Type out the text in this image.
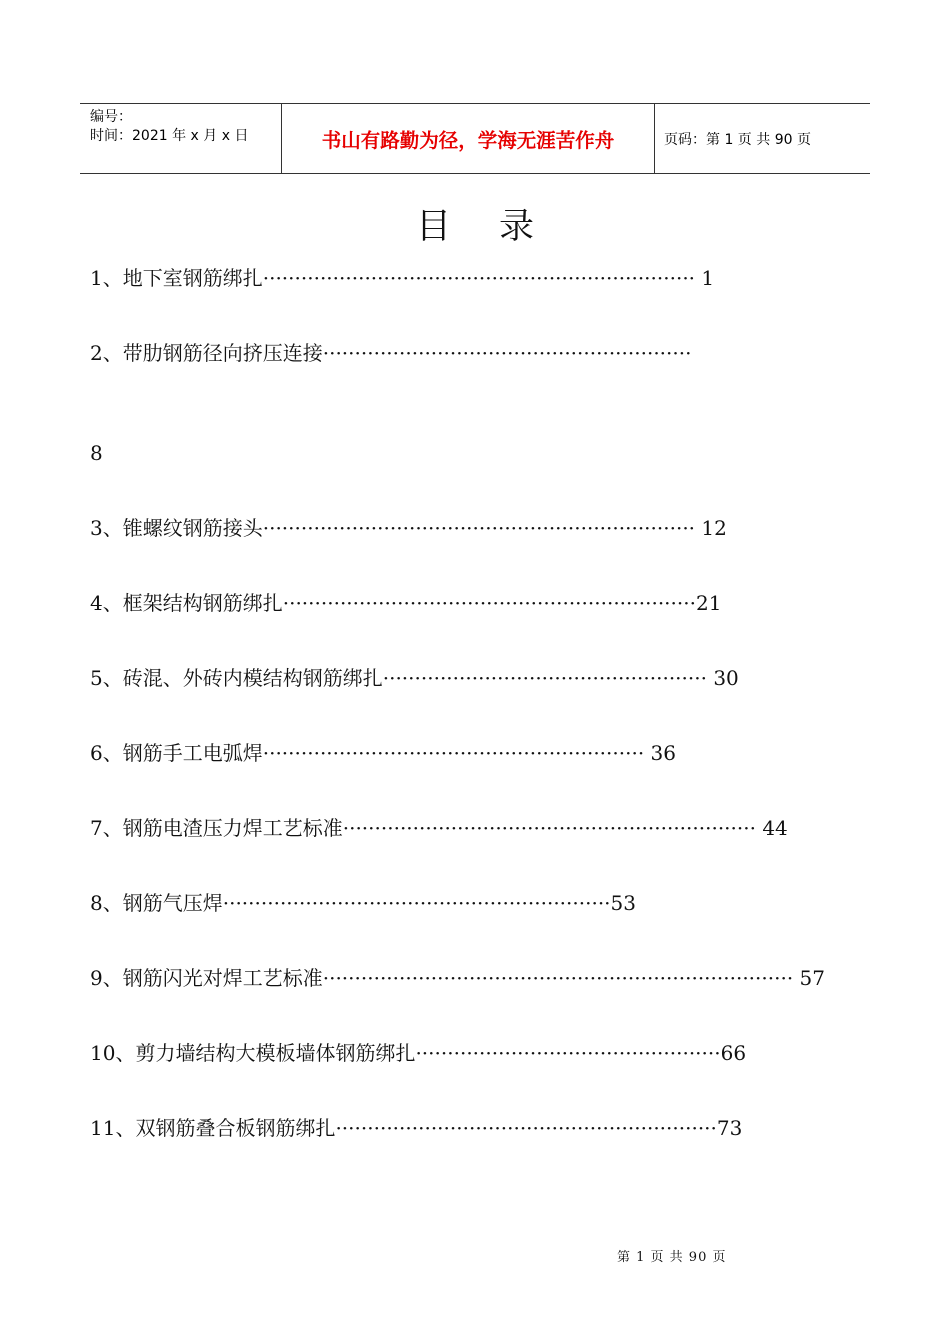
编号：
时间：2021 年 x 月 x 日	书山有路勤为径，学海无涯苦作舟	页码：第 1 页 共 90 页
目录
1、地下室钢筋绑扎···································································· 1
2、带肋钢筋径向挤压连接··························································
8
3、锥螺纹钢筋接头···································································· 12
4、框架结构钢筋绑扎·································································21
5、砖混、外砖内模结构钢筋绑扎··················································· 30
6、钢筋手工电弧焊···························································· 36
7、钢筋电渣压力焊工艺标准································································· 44
8、钢筋气压焊·····························································53
9、钢筋闪光对焊工艺标准·········································································· 57
10、剪力墙结构大模板墙体钢筋绑扎················································66
11、双钢筋叠合板钢筋绑扎····························································73
第 1 页 共 90 页
